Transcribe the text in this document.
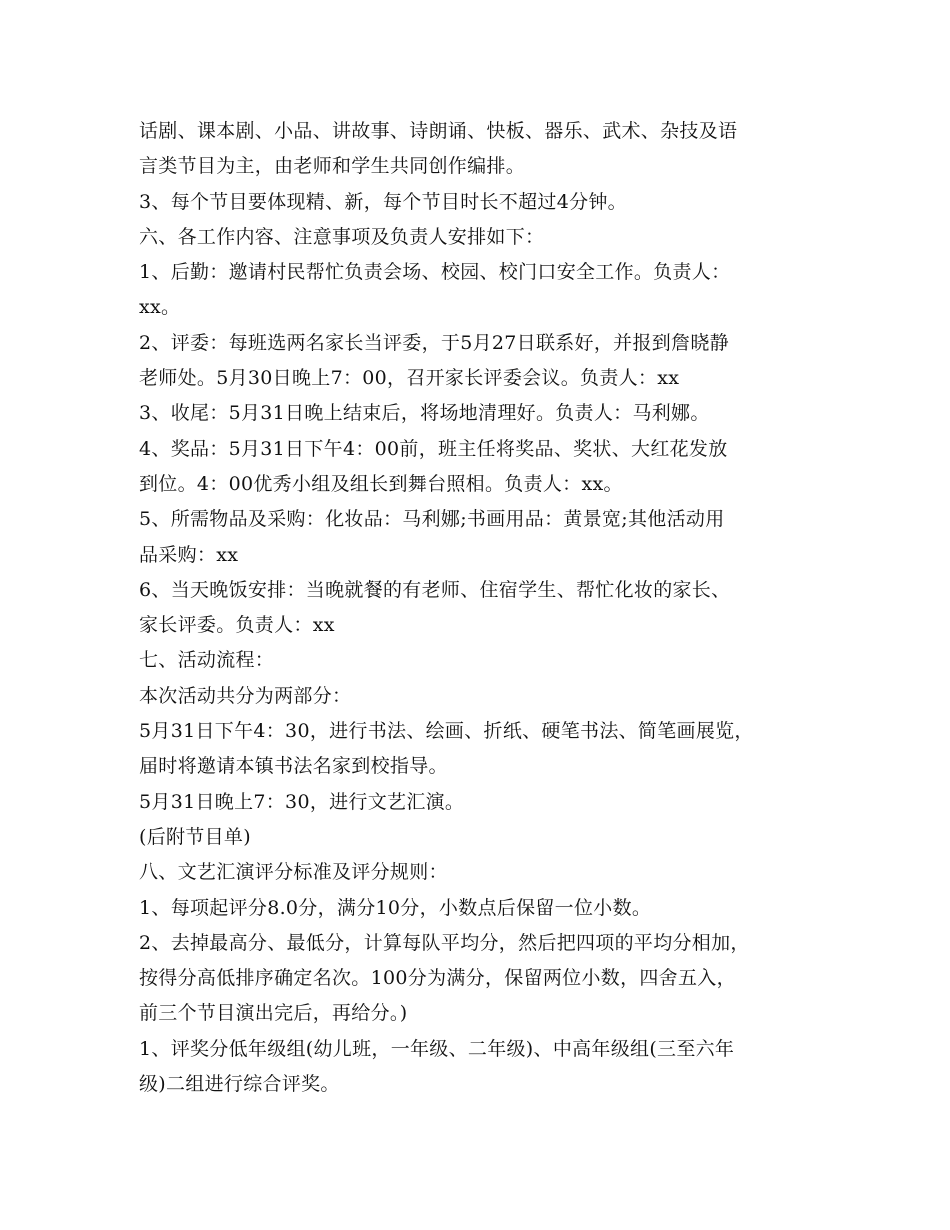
话剧、课本剧、小品、讲故事、诗朗诵、快板、器乐、武术、杂技及语
言类节目为主，由老师和学生共同创作编排。
3、每个节目要体现精、新，每个节目时长不超过4分钟。
六、各工作内容、注意事项及负责人安排如下：
1、后勤：邀请村民帮忙负责会场、校园、校门口安全工作。负责人：
xx。
2、评委：每班选两名家长当评委，于5月27日联系好，并报到詹晓静
老师处。5月30日晚上7：00，召开家长评委会议。负责人：xx
3、收尾：5月31日晚上结束后，将场地清理好。负责人：马利娜。
4、奖品：5月31日下午4：00前，班主任将奖品、奖状、大红花发放
到位。4：00优秀小组及组长到舞台照相。负责人：xx。
5、所需物品及采购：化妆品：马利娜;书画用品：黄景宽;其他活动用
品采购：xx
6、当天晚饭安排：当晚就餐的有老师、住宿学生、帮忙化妆的家长、
家长评委。负责人：xx
七、活动流程：
本次活动共分为两部分：
5月31日下午4：30，进行书法、绘画、折纸、硬笔书法、简笔画展览，
届时将邀请本镇书法名家到校指导。
5月31日晚上7：30，进行文艺汇演。
(后附节目单)
八、文艺汇演评分标准及评分规则：
1、每项起评分8.0分，满分10分，小数点后保留一位小数。
2、去掉最高分、最低分，计算每队平均分，然后把四项的平均分相加，
按得分高低排序确定名次。100分为满分，保留两位小数，四舍五入，
前三个节目演出完后，再给分。)
1、评奖分低年级组(幼儿班，一年级、二年级)、中高年级组(三至六年
级)二组进行综合评奖。
